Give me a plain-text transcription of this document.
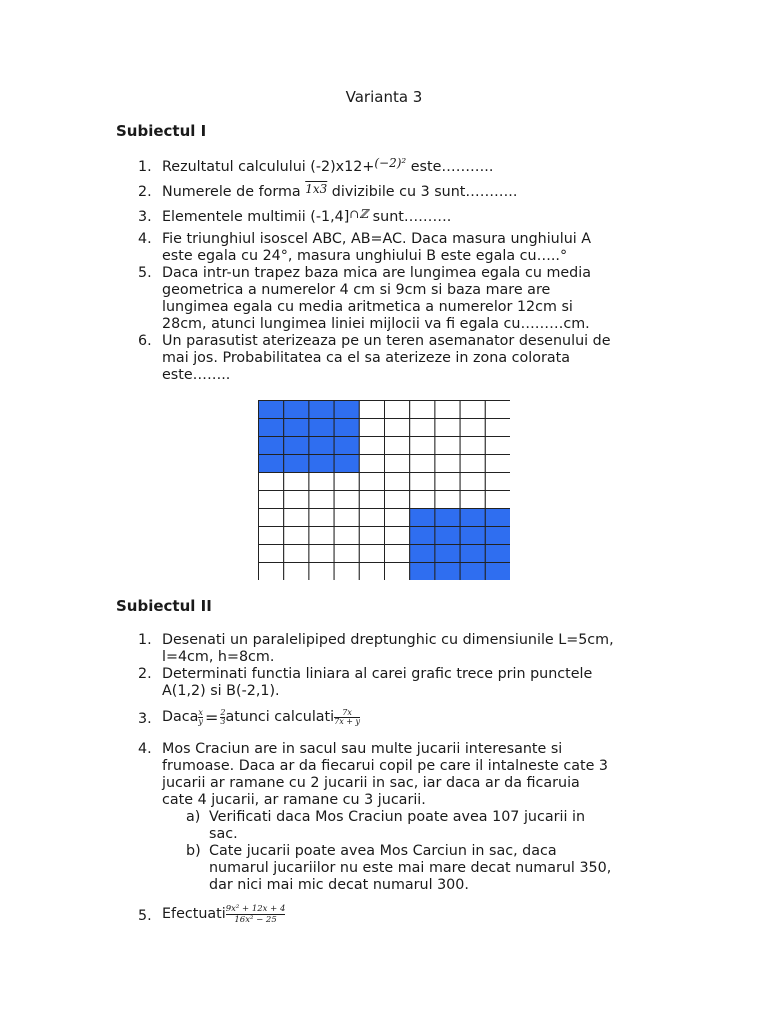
Varianta 3
Subiectul I
1. Rezultatul calculului (-2)x12+$^{(-2)^2}$ este………..
2. Numerele de forma $^{1x3}$ divizibile cu 3 sunt………..
3. Elementele multimii (-1,4]$^{\cap ℤ}$ sunt……….
4. Fie triunghiul isoscel ABC, AB=AC. Daca masura unghiului A
este egala cu 24°, masura unghiului B este egala cu…..°
5. Daca intr-un trapez baza mica are lungimea egala cu media
geometrica a numerelor 4 cm si 9cm si baza mare are
lungimea egala cu media aritmetica a numerelor 12cm si
28cm, atunci lungimea liniei mijlocii va fi egala cu………cm.
6. Un parasutist aterizeaza pe un teren asemanator desenului de
mai jos. Probabilitatea ca el sa aterizeze in zona colorata
este……..
Subiectul II
1. Desenati un paralelipiped dreptunghic cu dimensiunile L=5cm,
l=4cm, h=8cm.
2. Determinati functia liniara al carei grafic trece prin punctele
A(1,2) si B(-2,1).
3. Daca $\frac{x}{y} = \frac{2}{3}$ atunci calculati $\frac{7x}{7x + y}$
4. Mos Craciun are in sacul sau multe jucarii interesante si
frumoase. Daca ar da fiecarui copil pe care il intalneste cate 3
jucarii ar ramane cu 2 jucarii in sac, iar daca ar da ficaruia
cate 4 jucarii, ar ramane cu 3 jucarii.
a) Verificati daca Mos Craciun poate avea 107 jucarii in
sac.
b) Cate jucarii poate avea Mos Carciun in sac, daca
numarul jucariilor nu este mai mare decat numarul 350,
dar nici mai mic decat numarul 300.
5. Efectuati $\frac{\text{9x² + 12x + 4}}{\text{16x² − 25}}$
